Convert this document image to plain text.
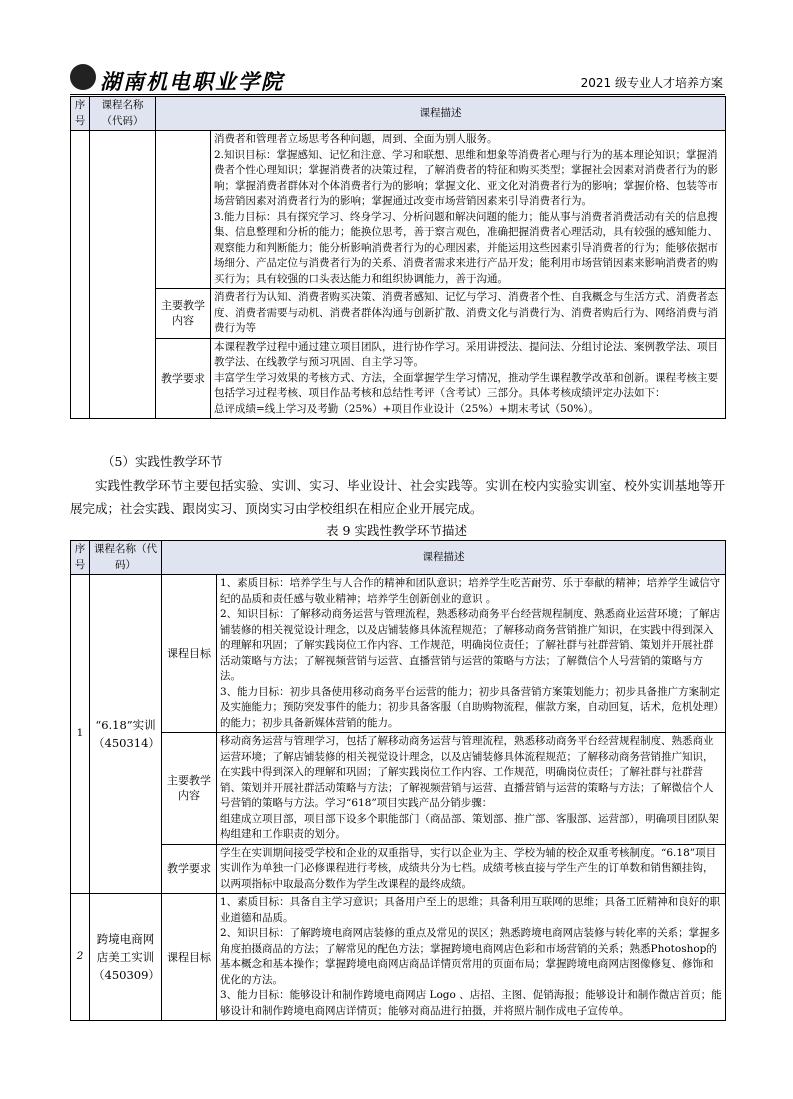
湖南机电职业学院	2021 级专业人才培养方案
序号	课程名称（代码）	课程描述	

			消费者和管理者立场思考各种问题，周到、全面为别人服务。
2.知识目标：掌握感知、记忆和注意、学习和联想、思维和想象等消费者心理与行为的基本理论知识；掌握消费者个性心理知识；掌握消费者的决策过程，了解消费者的特征和购买类型；掌握社会因素对消费者行为的影响；掌握消费者群体对个体消费者行为的影响；掌握文化、亚文化对消费者行为的影响；掌握价格、包装等市场营销因素对消费者行为的影响；掌握通过改变市场营销因素来引导消费者行为。
3.能力目标：具有探究学习、终身学习、分析问题和解决问题的能力；能从事与消费者消费活动有关的信息搜集、信息整理和分析的能力；能换位思考，善于察言观色，准确把握消费者心理活动，具有较强的感知能力、观察能力和判断能力；能分析影响消费者行为的心理因素，并能运用这些因素引导消费者的行为；能够依据市场细分、产品定位与消费者行为的关系、消费者需求来进行产品开发；能利用市场营销因素来影响消费者的购买行为；具有较强的口头表达能力和组织协调能力，善于沟通。

		主要教学内容	消费者行为认知、消费者购买决策、消费者感知、记忆与学习、消费者个性、自我概念与生活方式、消费者态度、消费者需要与动机、消费者群体沟通与创新扩散、消费文化与消费行为、消费者购后行为、网络消费与消费行为等
		教学要求	本课程教学过程中通过建立项目团队，进行协作学习。采用讲授法、提问法、分组讨论法、案例教学法、项目教学法、在线教学与预习巩固、自主学习等。
丰富学生学习效果的考核方式、方法，全面掌握学生学习情况，推动学生课程教学改革和创新。课程考核主要包括学习过程考核、项目作品考核和总结性考评（含考试）三部分。具体考核成绩评定办法如下：
总评成绩=线上学习及考勤（25%）+项目作业设计（25%）+期末考试（50%）。
（5）实践性教学环节
实践性教学环节主要包括实验、实训、实习、毕业设计、社会实践等。实训在校内实验实训室、校外实训基地等开展完成；社会实践、跟岗实习、顶岗实习由学校组织在相应企业开展完成。
表 9 实践性教学环节描述
序号	课程名称（代码）	课程描述	
1	“6.18”实训（450314）	课程目标	1、素质目标：培养学生与人合作的精神和团队意识；培养学生吃苦耐劳、乐于奉献的精神；培养学生诚信守纪的品质和责任感与敬业精神；培养学生创新创业的意识 。
2、知识目标：了解移动商务运营与管理流程，熟悉移动商务平台经营规程制度、熟悉商业运营环境；了解店铺装修的相关视觉设计理念，以及店铺装修具体流程规范；了解移动商务营销推广知识，在实践中得到深入的理解和巩固；了解实践岗位工作内容、工作规范，明确岗位责任；了解社群与社群营销、策划并开展社群活动策略与方法；了解视频营销与运营、直播营销与运营的策略与方法；了解微信个人号营销的策略与方法。
3、能力目标：初步具备使用移动商务平台运营的能力；初步具备营销方案策划能力；初步具备推广方案制定及实施能力；预防突发事件的能力；初步具备客服（自助购物流程，催款方案，自动回复，话术，危机处理）的能力；初步具备新媒体营销的能力。

		主要教学内容	移动商务运营与管理学习，包括了解移动商务运营与管理流程，熟悉移动商务平台经营规程制度、熟悉商业运营环境；了解店铺装修的相关视觉设计理念，以及店铺装修具体流程规范；了解移动商务营销推广知识，在实践中得到深入的理解和巩固；了解实践岗位工作内容、工作规范，明确岗位责任；了解社群与社群营销、策划并开展社群活动策略与方法；了解视频营销与运营、直播营销与运营的策略与方法；了解微信个人号营销的策略与方法。学习“618”项目实践产品分销步骤：
组建成立项目部，项目部下设多个职能部门（商品部、策划部、推广部、客服部、运营部），明确项目团队架构组建和工作职责的划分。

		教学要求	学生在实训期间接受学校和企业的双重指导，实行以企业为主、学校为辅的校企双重考核制度。“6.18”项目实训作为单独一门必修课程进行考核，成绩共分为七档。成绩考核直接与学生产生的订单数和销售额挂钩，以两项指标中取最高分数作为学生改课程的最终成绩。

2	跨境电商网店美工实训（450309）	课程目标	1、素质目标：具备自主学习意识；具备用户至上的思维；具备利用互联网的思维；具备工匠精神和良好的职业道德和品质。
2、知识目标：了解跨境电商网店装修的重点及常见的误区；熟悉跨境电商网店装修与转化率的关系；掌握多角度拍摄商品的方法；了解常见的配色方法；掌握跨境电商网店色彩和市场营销的关系；熟悉Photoshop的基本概念和基本操作；掌握跨境电商网店商品详情页常用的页面布局；掌握跨境电商网店图像修复、修饰和优化的方法。
3、能力目标：能够设计和制作跨境电商网店 Logo 、店招、主图、促销海报；能够设计和制作微店首页；能够设计和制作跨境电商网店详情页；能够对商品进行拍摄，并将照片制作成电子宣传单。
